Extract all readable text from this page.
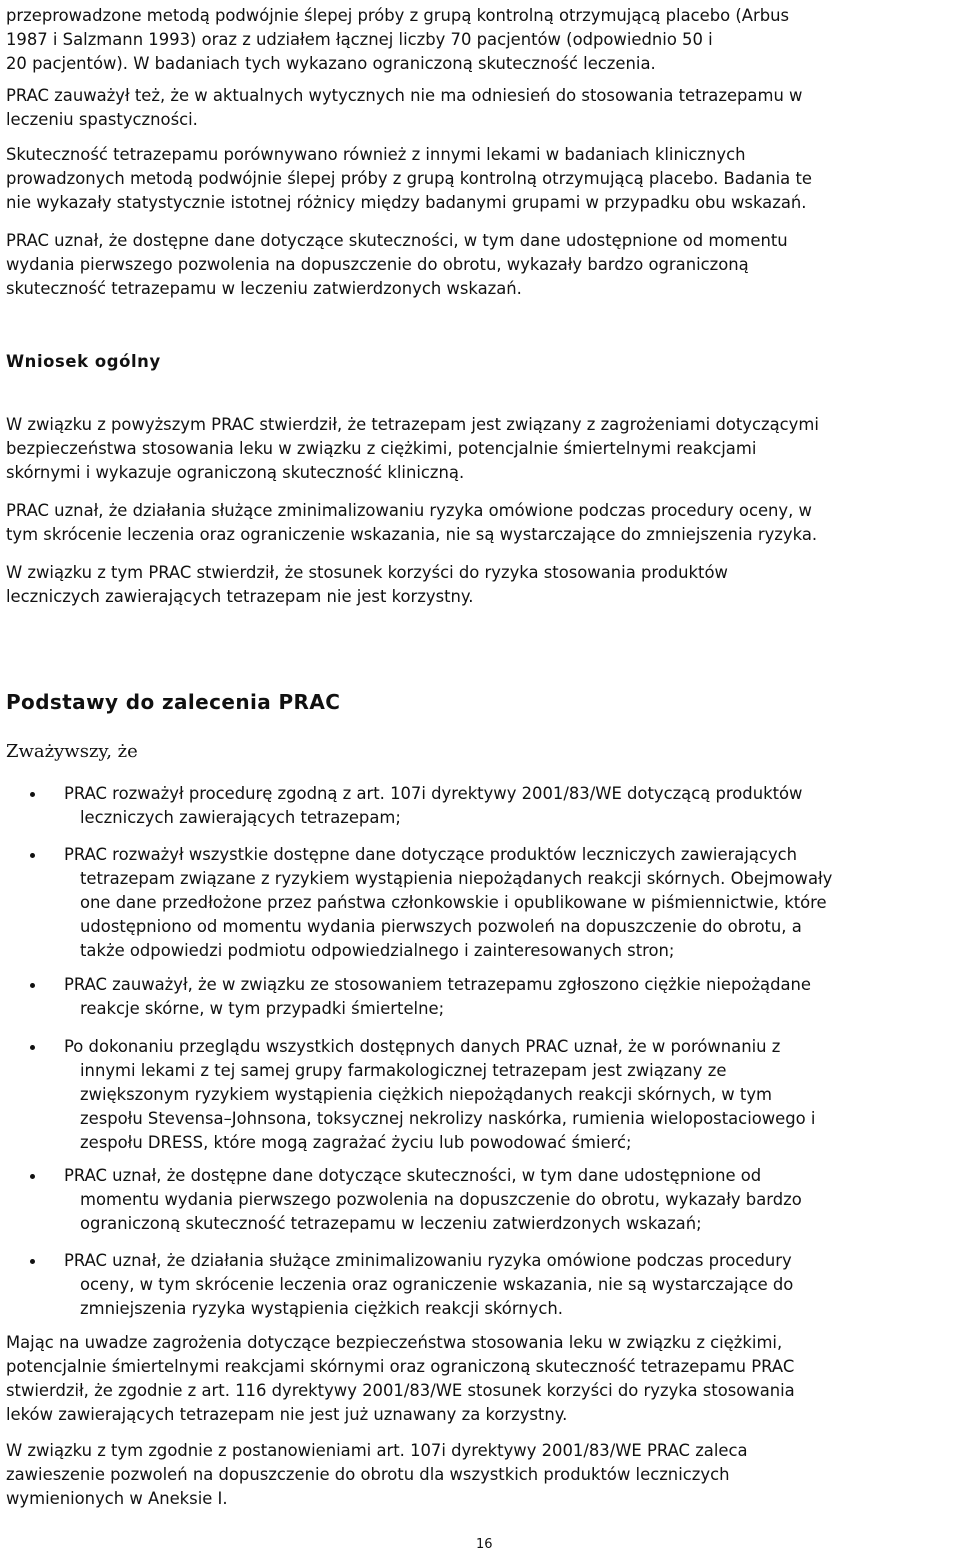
przeprowadzone metodą podwójnie ślepej próby z grupą kontrolną otrzymującą placebo (Arbus
1987 i Salzmann 1993) oraz z udziałem łącznej liczby 70 pacjentów (odpowiednio 50 i
20 pacjentów). W badaniach tych wykazano ograniczoną skuteczność leczenia.
PRAC zauważył też, że w aktualnych wytycznych nie ma odniesień do stosowania tetrazepamu w
leczeniu spastyczności.
Skuteczność tetrazepamu porównywano również z innymi lekami w badaniach klinicznych
prowadzonych metodą podwójnie ślepej próby z grupą kontrolną otrzymującą placebo. Badania te
nie wykazały statystycznie istotnej różnicy między badanymi grupami w przypadku obu wskazań.
PRAC uznał, że dostępne dane dotyczące skuteczności, w tym dane udostępnione od momentu
wydania pierwszego pozwolenia na dopuszczenie do obrotu, wykazały bardzo ograniczoną
skuteczność tetrazepamu w leczeniu zatwierdzonych wskazań.
Wniosek ogólny
W związku z powyższym PRAC stwierdził, że tetrazepam jest związany z zagrożeniami dotyczącymi
bezpieczeństwa stosowania leku w związku z ciężkimi, potencjalnie śmiertelnymi reakcjami
skórnymi i wykazuje ograniczoną skuteczność kliniczną.
PRAC uznał, że działania służące zminimalizowaniu ryzyka omówione podczas procedury oceny, w
tym skrócenie leczenia oraz ograniczenie wskazania, nie są wystarczające do zmniejszenia ryzyka.
W związku z tym PRAC stwierdził, że stosunek korzyści do ryzyka stosowania produktów
leczniczych zawierających tetrazepam nie jest korzystny.
Podstawy do zalecenia PRAC

Zważywszy, że

PRAC rozważył procedurę zgodną z art. 107i dyrektywy 2001/83/WE dotyczącą produktów
leczniczych zawierających tetrazepam;
PRAC rozważył wszystkie dostępne dane dotyczące produktów leczniczych zawierających
tetrazepam związane z ryzykiem wystąpienia niepożądanych reakcji skórnych. Obejmowały
one dane przedłożone przez państwa członkowskie i opublikowane w piśmiennictwie, które
udostępniono od momentu wydania pierwszych pozwoleń na dopuszczenie do obrotu, a
także odpowiedzi podmiotu odpowiedzialnego i zainteresowanych stron;
PRAC zauważył, że w związku ze stosowaniem tetrazepamu zgłoszono ciężkie niepożądane
reakcje skórne, w tym przypadki śmiertelne;
Po dokonaniu przeglądu wszystkich dostępnych danych PRAC uznał, że w porównaniu z
innymi lekami z tej samej grupy farmakologicznej tetrazepam jest związany ze
zwiększonym ryzykiem wystąpienia ciężkich niepożądanych reakcji skórnych, w tym
zespołu Stevensa–Johnsona, toksycznej nekrolizy naskórka, rumienia wielopostaciowego i
zespołu DRESS, które mogą zagrażać życiu lub powodować śmierć;
PRAC uznał, że dostępne dane dotyczące skuteczności, w tym dane udostępnione od
momentu wydania pierwszego pozwolenia na dopuszczenie do obrotu, wykazały bardzo
ograniczoną skuteczność tetrazepamu w leczeniu zatwierdzonych wskazań;
PRAC uznał, że działania służące zminimalizowaniu ryzyka omówione podczas procedury
oceny, w tym skrócenie leczenia oraz ograniczenie wskazania, nie są wystarczające do
zmniejszenia ryzyka wystąpienia ciężkich reakcji skórnych.
Mając na uwadze zagrożenia dotyczące bezpieczeństwa stosowania leku w związku z ciężkimi,
potencjalnie śmiertelnymi reakcjami skórnymi oraz ograniczoną skuteczność tetrazepamu PRAC
stwierdził, że zgodnie z art. 116 dyrektywy 2001/83/WE stosunek korzyści do ryzyka stosowania
leków zawierających tetrazepam nie jest już uznawany za korzystny.
W związku z tym zgodnie z postanowieniami art. 107i dyrektywy 2001/83/WE PRAC zaleca
zawieszenie pozwoleń na dopuszczenie do obrotu dla wszystkich produktów leczniczych
wymienionych w Aneksie I.
16
